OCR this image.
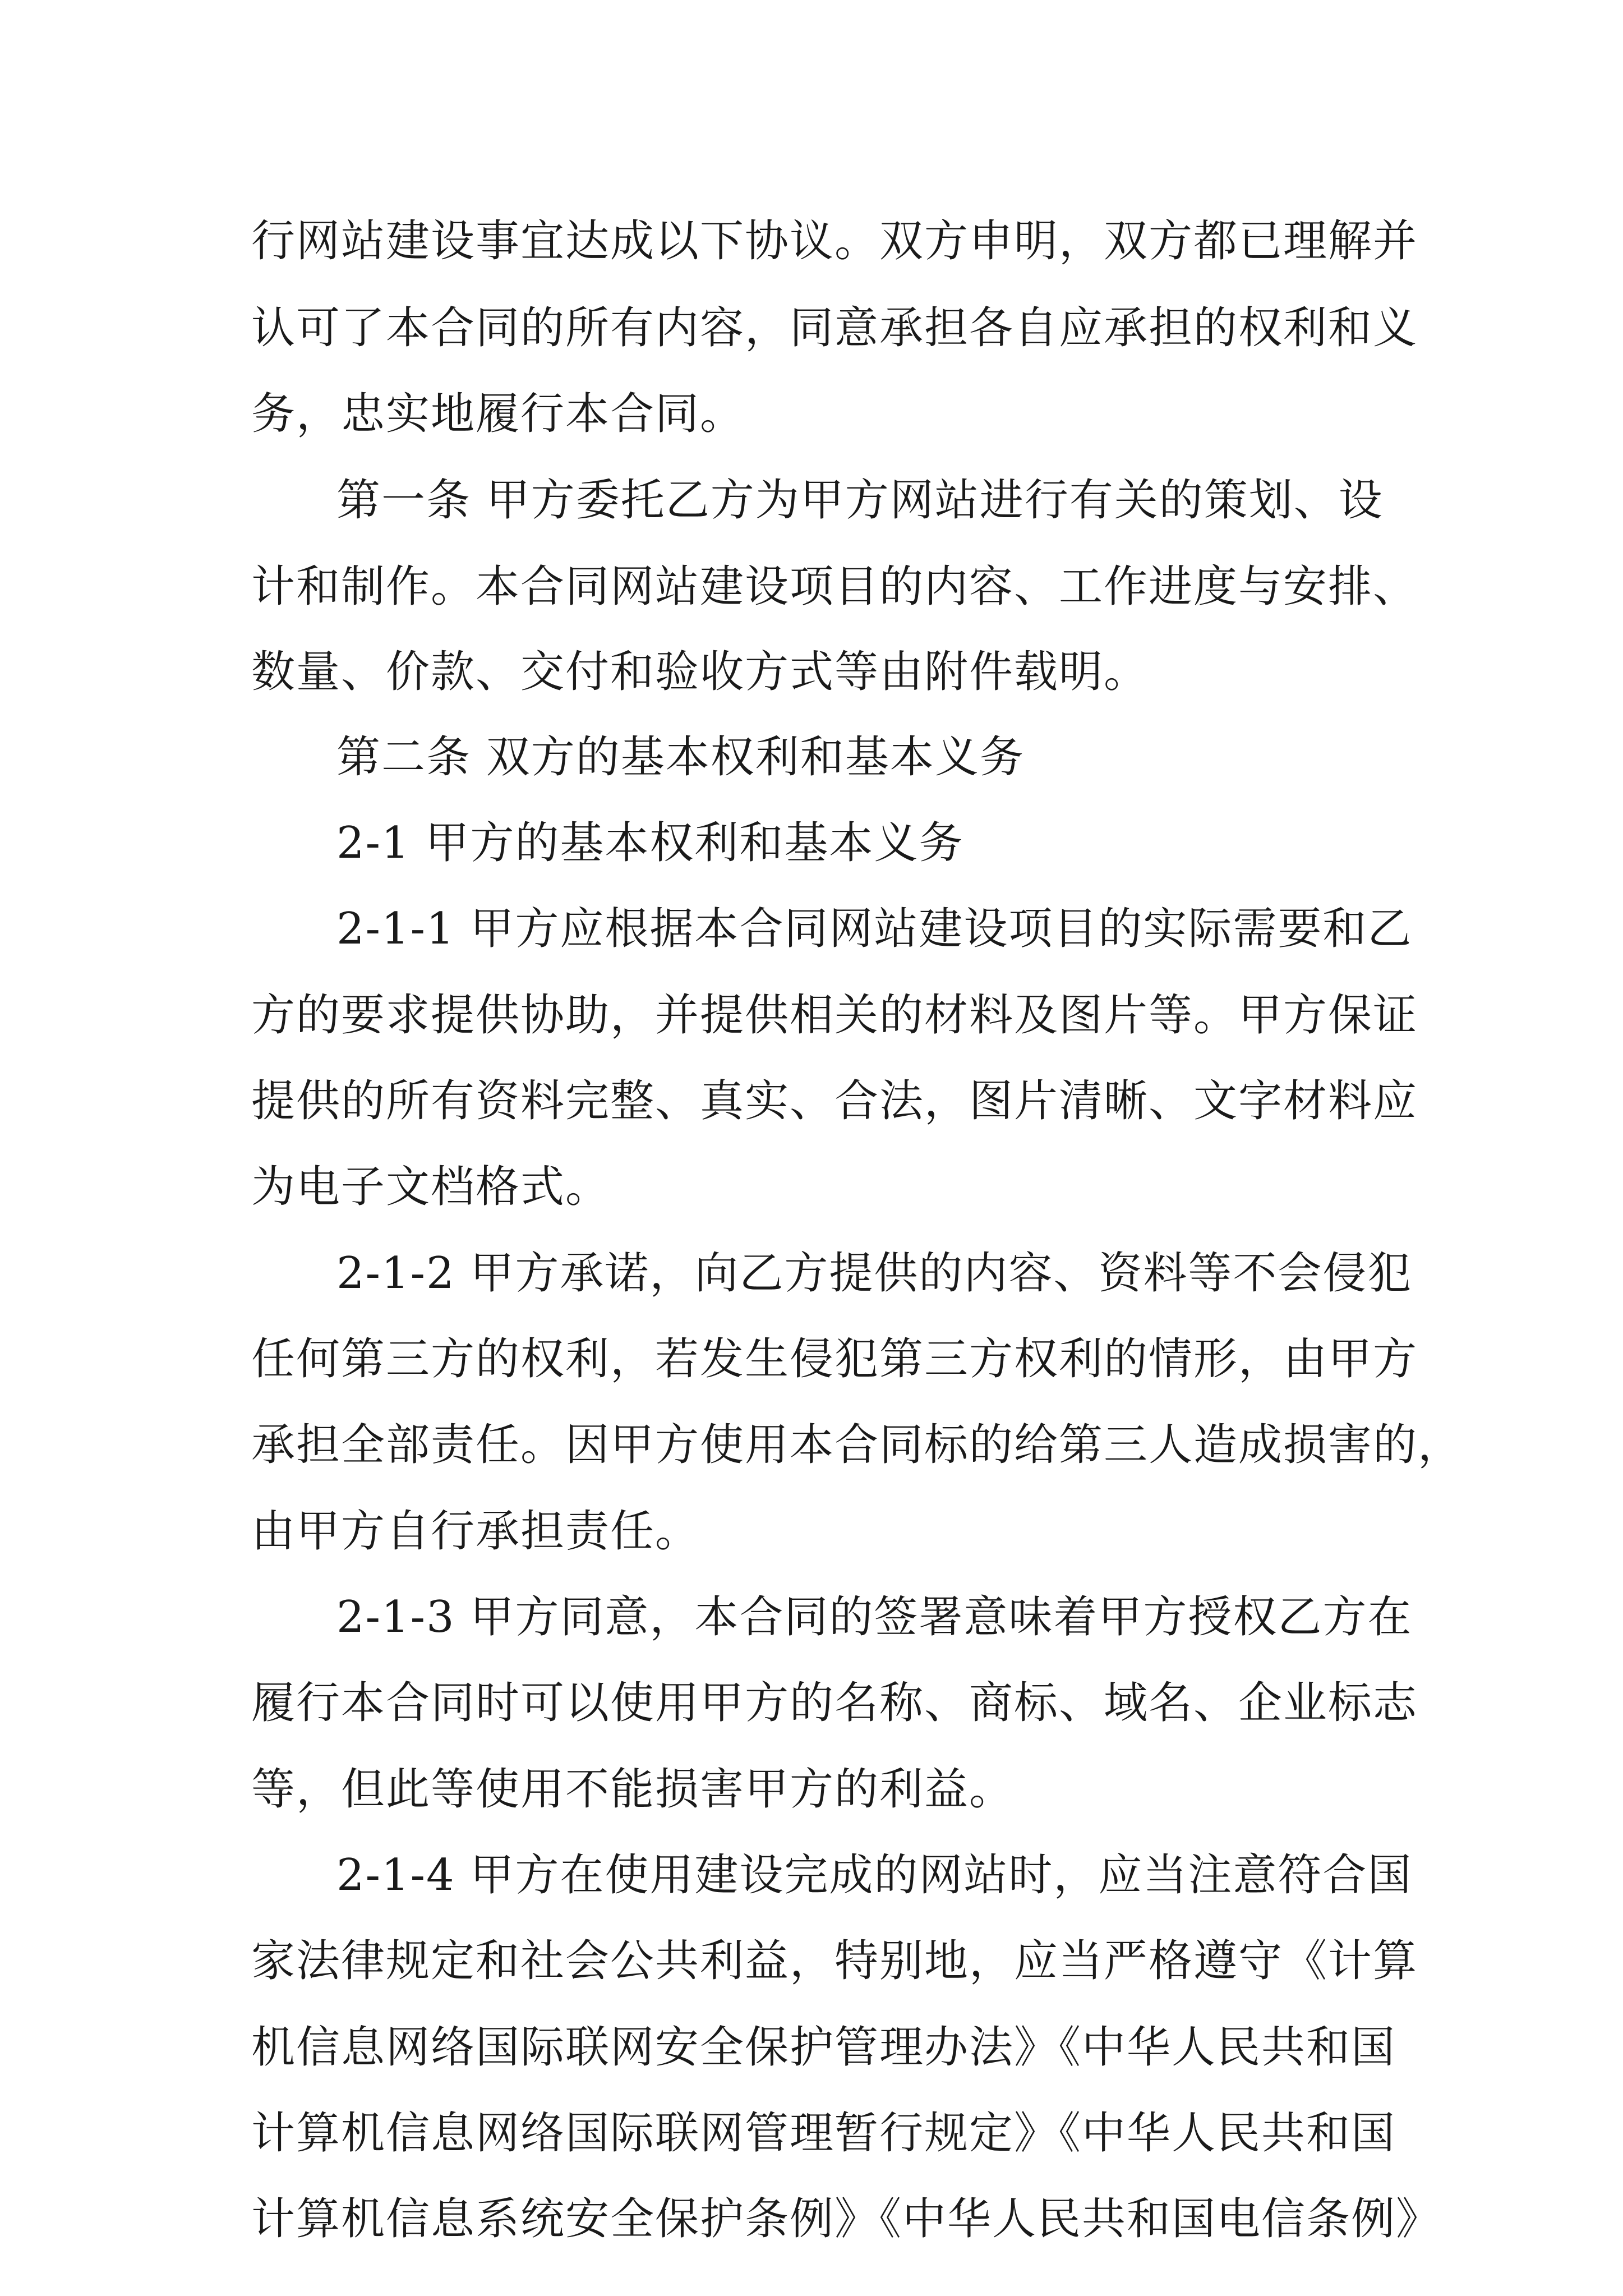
行网站建设事宜达成以下协议。双方申明，双方都已理解并

认可了本合同的所有内容，同意承担各自应承担的权利和义

务，忠实地履行本合同。

第一条 甲方委托乙方为甲方网站进行有关的策划、设

计和制作。本合同网站建设项目的内容、工作进度与安排、

数量、价款、交付和验收方式等由附件载明。

第二条 双方的基本权利和基本义务

2-1 甲方的基本权利和基本义务

2-1-1 甲方应根据本合同网站建设项目的实际需要和乙

方的要求提供协助，并提供相关的材料及图片等。甲方保证

提供的所有资料完整、真实、合法，图片清晰、文字材料应

为电子文档格式。

2-1-2 甲方承诺，向乙方提供的内容、资料等不会侵犯

任何第三方的权利，若发生侵犯第三方权利的情形，由甲方

承担全部责任。因甲方使用本合同标的给第三人造成损害的，

由甲方自行承担责任。

2-1-3 甲方同意，本合同的签署意味着甲方授权乙方在

履行本合同时可以使用甲方的名称、商标、域名、企业标志

等，但此等使用不能损害甲方的利益。

2-1-4 甲方在使用建设完成的网站时，应当注意符合国

家法律规定和社会公共利益，特别地，应当严格遵守《计算

机信息网络国际联网安全保护管理办法》《中华人民共和国

计算机信息网络国际联网管理暂行规定》《中华人民共和国

计算机信息系统安全保护条例》《中华人民共和国电信条例》
